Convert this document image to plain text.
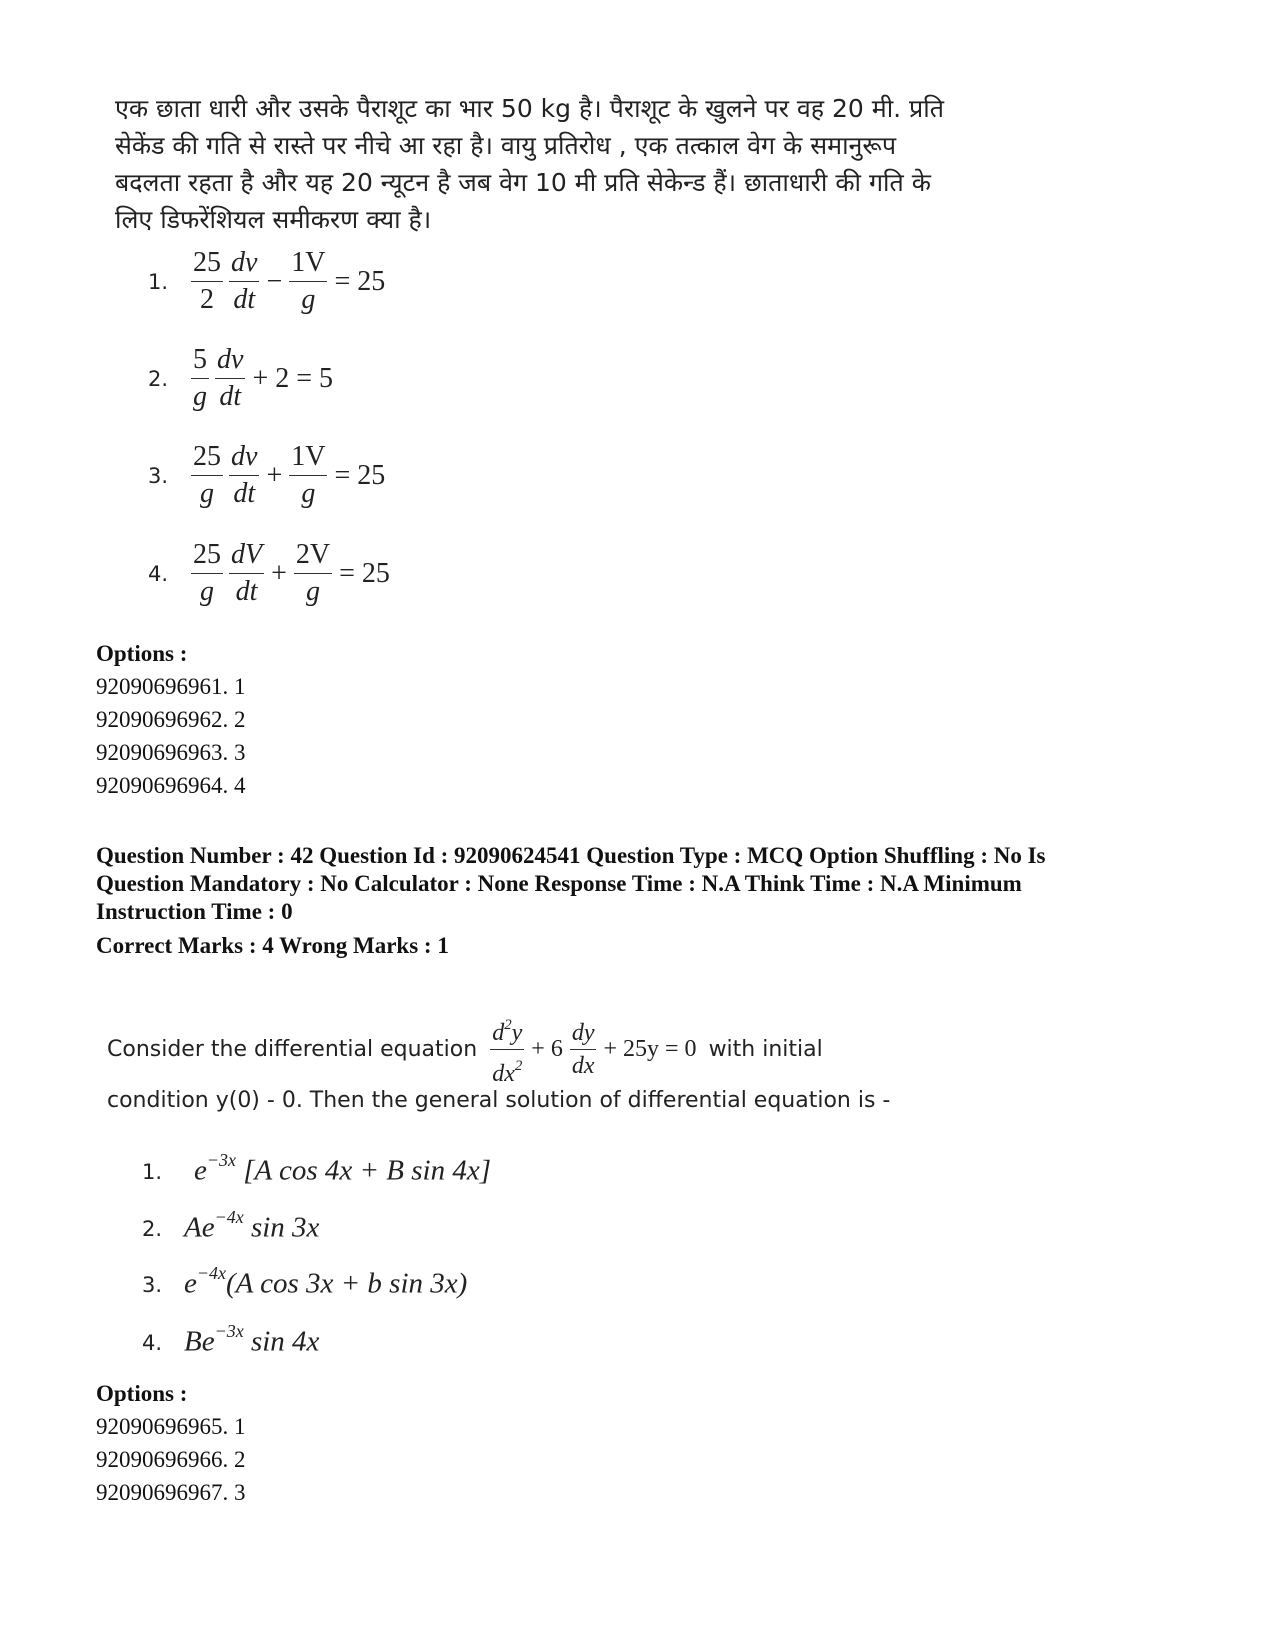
एक छाता धारी और उसके पैराशूट का भार 50 kg है। पैराशूट के खुलने पर वह 20 मी. प्रति
सेकेंड की गति से रास्ते पर नीचे आ रहा है। वायु प्रतिरोध , एक तत्काल वेग के समानुरूप
बदलता रहता है और यह 20 न्यूटन है जब वेग 10 मी प्रति सेकेन्ड हैं। छाताधारी की गति के
लिए डिफरेंशियल समीकरण क्या है।
1. $\frac{25}{2} \frac{dv}{dt} - \frac{1V}{g} = 25$
2. $\frac{5}{g} \frac{dv}{dt} + 2 = 5$
3. $\frac{25}{g} \frac{dv}{dt} + \frac{1V}{g} = 25$
4. $\frac{25}{g} \frac{dV}{dt} + \frac{2V}{g} = 25$
Options :
92090696961. 1
92090696962. 2
92090696963. 3
92090696964. 4
Question Number : 42 Question Id : 92090624541 Question Type : MCQ Option Shuffling : No Is
Question Mandatory : No Calculator : None Response Time : N.A Think Time : N.A Minimum
Instruction Time : 0
Correct Marks : 4 Wrong Marks : 1
Consider the differential equation $\frac{d^2y}{dx^2} + 6 \frac{dy}{dx} + 25y = 0$ with initial
condition y(0) - 0. Then the general solution of differential equation is -
1.	$e^{-3x}$ [A cos 4x + B sin 4x]
2. $Ae^{-4x}$ sin 3x
3. $e^{-4x}(A$ cos 3x + b sin 3x)
4. $Be^{-3x}$ sin 4x
Options :
92090696965. 1
92090696966. 2
92090696967. 3
